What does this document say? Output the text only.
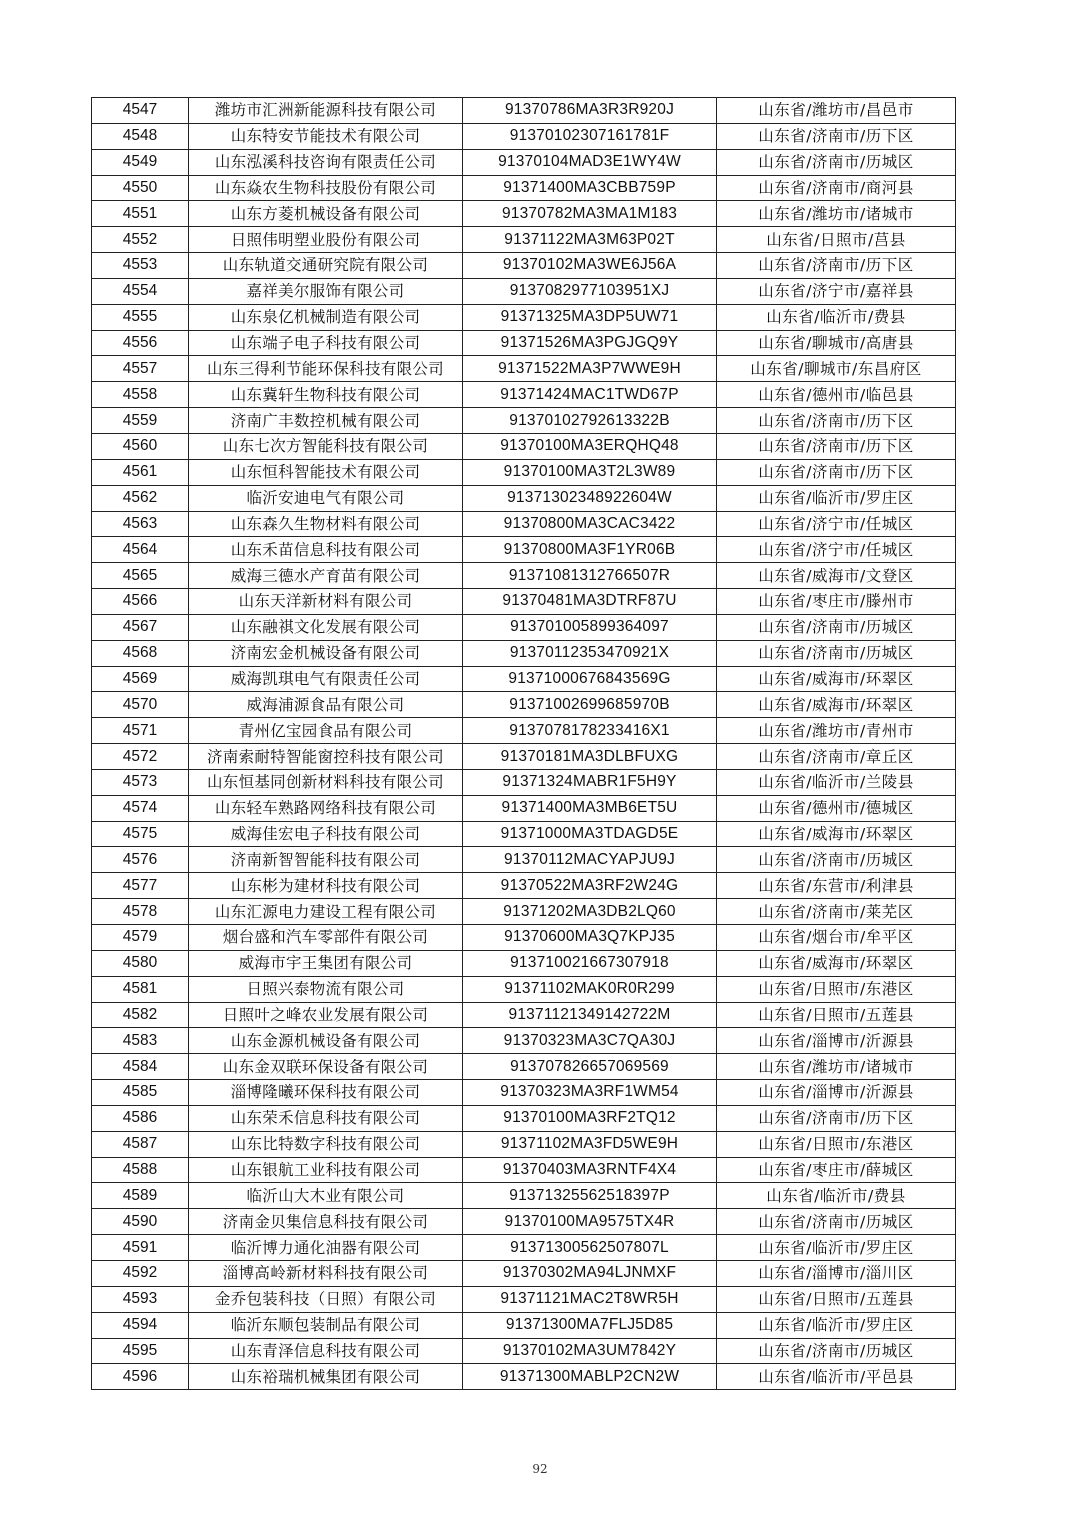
4547	潍坊市汇洲新能源科技有限公司	91370786MA3R3R920J	山东省/潍坊市/昌邑市
4548	山东特安节能技术有限公司	91370102307161781F	山东省/济南市/历下区
4549	山东泓溪科技咨询有限责任公司	91370104MAD3E1WY4W	山东省/济南市/历城区
4550	山东焱农生物科技股份有限公司	91371400MA3CBB759P	山东省/济南市/商河县
4551	山东方菱机械设备有限公司	91370782MA3MA1M183	山东省/潍坊市/诸城市
4552	日照伟明塑业股份有限公司	91371122MA3M63P02T	山东省/日照市/莒县
4553	山东轨道交通研究院有限公司	91370102MA3WE6J56A	山东省/济南市/历下区
4554	嘉祥美尔服饰有限公司	9137082977103951XJ	山东省/济宁市/嘉祥县
4555	山东泉亿机械制造有限公司	91371325MA3DP5UW71	山东省/临沂市/费县
4556	山东端子电子科技有限公司	91371526MA3PGJGQ9Y	山东省/聊城市/高唐县
4557	山东三得利节能环保科技有限公司	91371522MA3P7WWE9H	山东省/聊城市/东昌府区
4558	山东冀轩生物科技有限公司	91371424MAC1TWD67P	山东省/德州市/临邑县
4559	济南广丰数控机械有限公司	91370102792613322B	山东省/济南市/历下区
4560	山东七次方智能科技有限公司	91370100MA3ERQHQ48	山东省/济南市/历下区
4561	山东恒科智能技术有限公司	91370100MA3T2L3W89	山东省/济南市/历下区
4562	临沂安迪电气有限公司	91371302348922604W	山东省/临沂市/罗庄区
4563	山东森久生物材料有限公司	91370800MA3CAC3422	山东省/济宁市/任城区
4564	山东禾苗信息科技有限公司	91370800MA3F1YR06B	山东省/济宁市/任城区
4565	威海三德水产育苗有限公司	91371081312766507R	山东省/威海市/文登区
4566	山东天洋新材料有限公司	91370481MA3DTRF87U	山东省/枣庄市/滕州市
4567	山东融祺文化发展有限公司	913701005899364097	山东省/济南市/历城区
4568	济南宏金机械设备有限公司	91370112353470921X	山东省/济南市/历城区
4569	威海凯琪电气有限责任公司	91371000676843569G	山东省/威海市/环翠区
4570	威海浦源食品有限公司	91371002699685970B	山东省/威海市/环翠区
4571	青州亿宝园食品有限公司	9137078178233416X1	山东省/潍坊市/青州市
4572	济南索耐特智能窗控科技有限公司	91370181MA3DLBFUXG	山东省/济南市/章丘区
4573	山东恒基同创新材料科技有限公司	91371324MABR1F5H9Y	山东省/临沂市/兰陵县
4574	山东轻车熟路网络科技有限公司	91371400MA3MB6ET5U	山东省/德州市/德城区
4575	威海佳宏电子科技有限公司	91371000MA3TDAGD5E	山东省/威海市/环翠区
4576	济南新智智能科技有限公司	91370112MACYAPJU9J	山东省/济南市/历城区
4577	山东彬为建材科技有限公司	91370522MA3RF2W24G	山东省/东营市/利津县
4578	山东汇源电力建设工程有限公司	91371202MA3DB2LQ60	山东省/济南市/莱芜区
4579	烟台盛和汽车零部件有限公司	91370600MA3Q7KPJ35	山东省/烟台市/牟平区
4580	威海市宇王集团有限公司	913710021667307918	山东省/威海市/环翠区
4581	日照兴泰物流有限公司	91371102MAK0R0R299	山东省/日照市/东港区
4582	日照叶之峰农业发展有限公司	91371121349142722M	山东省/日照市/五莲县
4583	山东金源机械设备有限公司	91370323MA3C7QA30J	山东省/淄博市/沂源县
4584	山东金双联环保设备有限公司	913707826657069569	山东省/潍坊市/诸城市
4585	淄博隆曦环保科技有限公司	91370323MA3RF1WM54	山东省/淄博市/沂源县
4586	山东荣禾信息科技有限公司	91370100MA3RF2TQ12	山东省/济南市/历下区
4587	山东比特数字科技有限公司	91371102MA3FD5WE9H	山东省/日照市/东港区
4588	山东银航工业科技有限公司	91370403MA3RNTF4X4	山东省/枣庄市/薛城区
4589	临沂山大木业有限公司	91371325562518397P	山东省/临沂市/费县
4590	济南金贝集信息科技有限公司	91370100MA9575TX4R	山东省/济南市/历城区
4591	临沂博力通化油器有限公司	91371300562507807L	山东省/临沂市/罗庄区
4592	淄博高岭新材料科技有限公司	91370302MA94LJNMXF	山东省/淄博市/淄川区
4593	金乔包装科技（日照）有限公司	91371121MAC2T8WR5H	山东省/日照市/五莲县
4594	临沂东顺包装制品有限公司	91371300MA7FLJ5D85	山东省/临沂市/罗庄区
4595	山东青泽信息科技有限公司	91370102MA3UM7842Y	山东省/济南市/历城区
4596	山东裕瑞机械集团有限公司	91371300MABLP2CN2W	山东省/临沂市/平邑县
92
